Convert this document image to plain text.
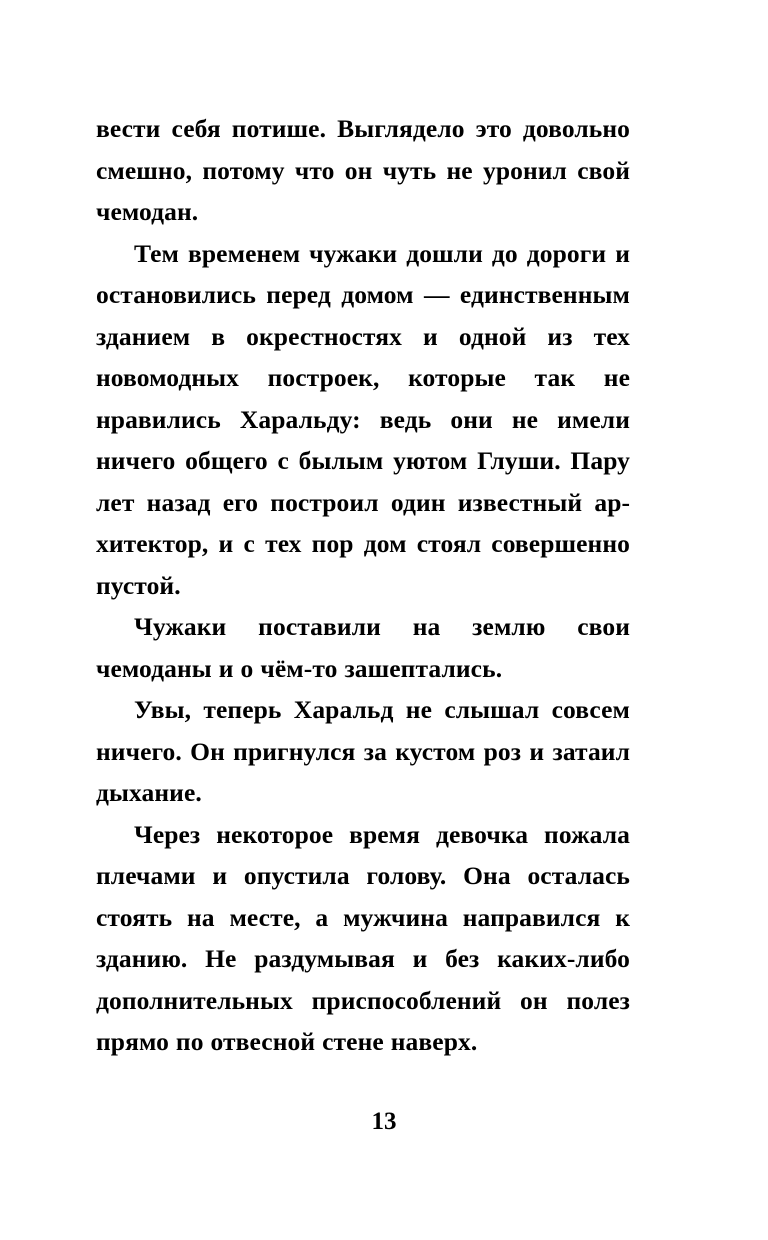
вести себя потише. Выглядело это довольно смешно, потому что он чуть не уронил свой чемодан.

Тем временем чужаки дошли до дороги и остановились перед домом — единственным зданием в окрестностях и одной из тех новомодных построек, которые так не нравились Харальду: ведь они не имели ничего общего с былым уютом Глуши. Пару лет назад его построил один известный архитектор, и с тех пор дом стоял совершенно пустой.

Чужаки поставили на землю свои чемоданы и о чём-то зашептались.

Увы, теперь Харальд не слышал совсем ничего. Он пригнулся за кустом роз и затаил дыхание.

Через некоторое время девочка пожала плечами и опустила голову. Она осталась стоять на месте, а мужчина направился к зданию. Не раздумывая и без каких-либо дополнительных приспособлений он полез прямо по отвесной стене наверх.

13
